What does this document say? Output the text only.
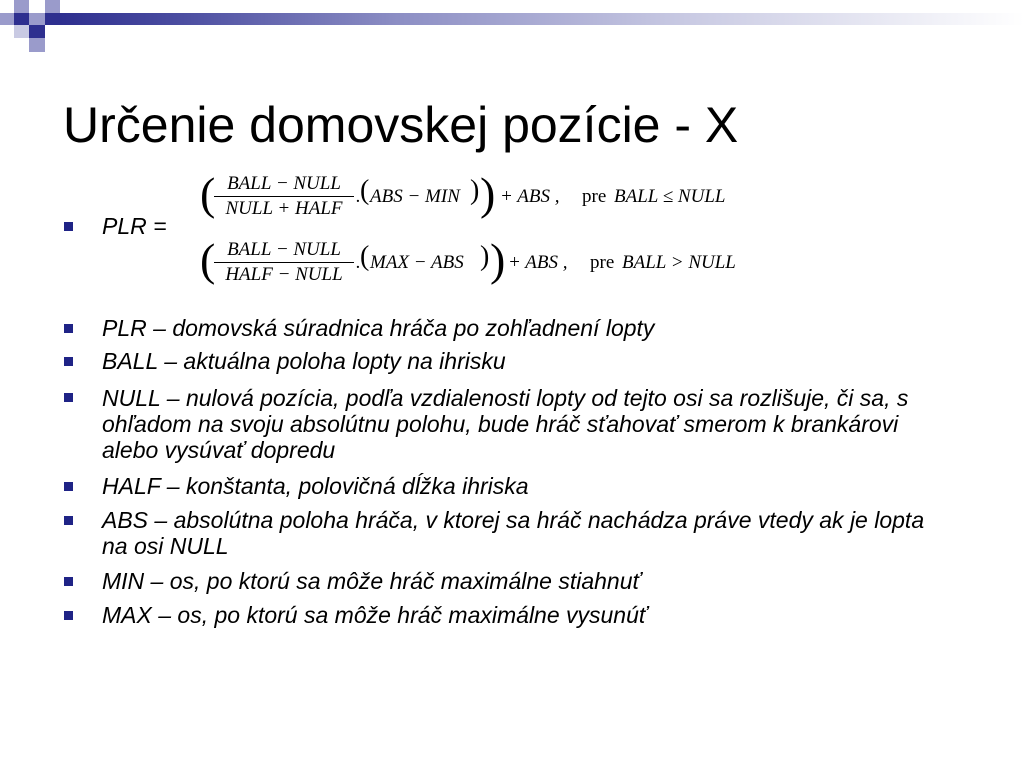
Určenie domovskej pozície - X
PLR =
( BALL − NULL
NULL + HALF
. ( ABS − MIN ) ) + ABS , pre BALL ≤ NULL
( BALL − NULL
HALF − NULL
. ( MAX − ABS ) ) + ABS , pre BALL > NULL
PLR – domovská súradnica hráča po zohľadnení lopty
BALL – aktuálna poloha lopty na ihrisku
NULL – nulová pozícia, podľa vzdialenosti lopty od tejto osi sa rozlišuje, či sa, s ohľadom na svoju absolútnu polohu, bude hráč sťahovať smerom k brankárovi alebo vysúvať dopredu
HALF – konštanta, polovičná dĺžka ihriska
ABS – absolútna poloha hráča, v ktorej sa hráč nachádza práve vtedy ak je lopta na osi NULL
MIN – os, po ktorú sa môže hráč maximálne stiahnuť
MAX – os, po ktorú sa môže hráč maximálne vysunúť
